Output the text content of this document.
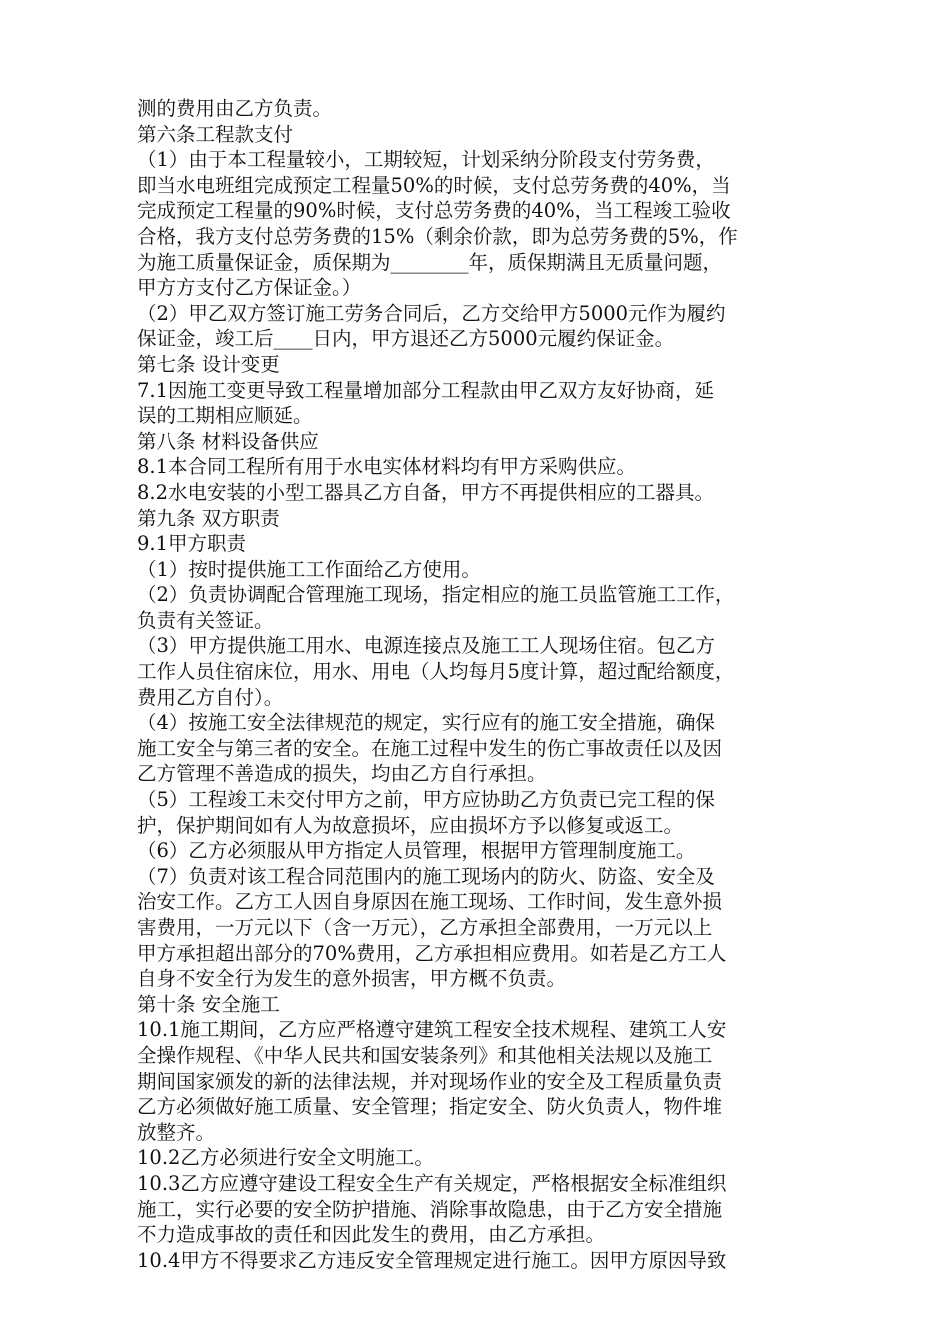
测的费用由乙方负责。
第六条工程款支付
（1）由于本工程量较小，工期较短，计划采纳分阶段支付劳务费，
即当水电班组完成预定工程量50%的时候，支付总劳务费的40%，当
完成预定工程量的90%时候，支付总劳务费的40%，当工程竣工验收
合格，我方支付总劳务费的15%（剩余价款，即为总劳务费的5%，作
为施工质量保证金，质保期为________年，质保期满且无质量问题，
甲方方支付乙方保证金。）
（2）甲乙双方签订施工劳务合同后，乙方交给甲方5000元作为履约
保证金，竣工后____日内，甲方退还乙方5000元履约保证金。
第七条 设计变更
7.1因施工变更导致工程量增加部分工程款由甲乙双方友好协商，延
误的工期相应顺延。
第八条 材料设备供应
8.1本合同工程所有用于水电实体材料均有甲方采购供应。
8.2水电安装的小型工器具乙方自备，甲方不再提供相应的工器具。
第九条 双方职责
9.1甲方职责
（1）按时提供施工工作面给乙方使用。
（2）负责协调配合管理施工现场，指定相应的施工员监管施工工作，
负责有关签证。
（3）甲方提供施工用水、电源连接点及施工工人现场住宿。包乙方
工作人员住宿床位，用水、用电（人均每月5度计算，超过配给额度，
费用乙方自付）。
（4）按施工安全法律规范的规定，实行应有的施工安全措施，确保
施工安全与第三者的安全。在施工过程中发生的伤亡事故责任以及因
乙方管理不善造成的损失，均由乙方自行承担。
（5）工程竣工未交付甲方之前，甲方应协助乙方负责已完工程的保
护，保护期间如有人为故意损坏，应由损坏方予以修复或返工。
（6）乙方必须服从甲方指定人员管理，根据甲方管理制度施工。
（7）负责对该工程合同范围内的施工现场内的防火、防盗、安全及
治安工作。乙方工人因自身原因在施工现场、工作时间，发生意外损
害费用，一万元以下（含一万元），乙方承担全部费用，一万元以上
甲方承担超出部分的70%费用，乙方承担相应费用。如若是乙方工人
自身不安全行为发生的意外损害，甲方概不负责。
第十条 安全施工
10.1施工期间，乙方应严格遵守建筑工程安全技术规程、建筑工人安
全操作规程、《中华人民共和国安装条列》和其他相关法规以及施工
期间国家颁发的新的法律法规，并对现场作业的安全及工程质量负责
乙方必须做好施工质量、安全管理；指定安全、防火负责人，物件堆
放整齐。
10.2乙方必须进行安全文明施工。
10.3乙方应遵守建设工程安全生产有关规定，严格根据安全标准组织
施工，实行必要的安全防护措施、消除事故隐患，由于乙方安全措施
不力造成事故的责任和因此发生的费用，由乙方承担。
10.4甲方不得要求乙方违反安全管理规定进行施工。因甲方原因导致
